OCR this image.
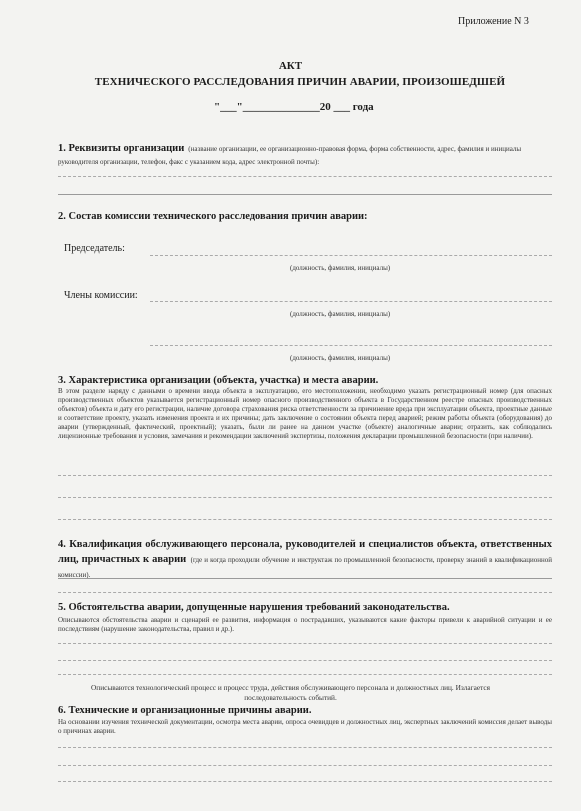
Приложение N 3
АКТ
ТЕХНИЧЕСКОГО РАССЛЕДОВАНИЯ ПРИЧИН АВАРИИ, ПРОИЗОШЕДШЕЙ
"___"______________20 ___ года
1. Реквизиты организации (название организации, ее организационно-правовая форма, форма собственности, адрес, фамилия и инициалы руководителя организации, телефон, факс с указанием кода, адрес электронной почты):
2. Состав комиссии технического расследования причин аварии:
Председатель:
(должность, фамилия, инициалы)
Члены комиссии:
(должность, фамилия, инициалы)
(должность, фамилия, инициалы)
3. Характеристика организации (объекта, участка) и места аварии.
В этом разделе наряду с данными о времени ввода объекта в эксплуатацию, его местоположении, необходимо указать регистрационный номер (для опасных производственных объектов указывается регистрационный номер опасного производственного объекта в Государственном реестре опасных производственных объектов) объекта и дату его регистрации, наличие договора страхования риска ответственности за причинение вреда при эксплуатации объекта, проектные данные и соответствие проекту, указать изменения проекта и их причины; дать заключение о состоянии объекта перед аварией; режим работы объекта (оборудования) до аварии (утвержденный, фактический, проектный); указать, были ли ранее на данном участке (объекте) аналогичные аварии; отразить, как соблюдались лицензионные требования и условия, замечания и рекомендации заключений экспертизы, положения декларации промышленной безопасности (при наличии).
4. Квалификация обслуживающего персонала, руководителей и специалистов объекта, ответственных лиц, причастных к аварии (где и когда проходили обучение и инструктаж по промышленной безопасности, проверку знаний в квалификационной комиссии).
5. Обстоятельства аварии, допущенные нарушения требований законодательства.
Описываются обстоятельства аварии и сценарий ее развития, информация о пострадавших, указываются какие факторы привели к аварийной ситуации и ее последствиям (нарушение законодательства, правил и др.).
Описываются технологический процесс и процесс труда, действия обслуживающего персонала и должностных лиц. Излагается
последовательность событий.
6. Технические и организационные причины аварии.
На основании изучения технической документации, осмотра места аварии, опроса очевидцев и должностных лиц, экспертных заключений комиссия делает выводы о причинах аварии.
